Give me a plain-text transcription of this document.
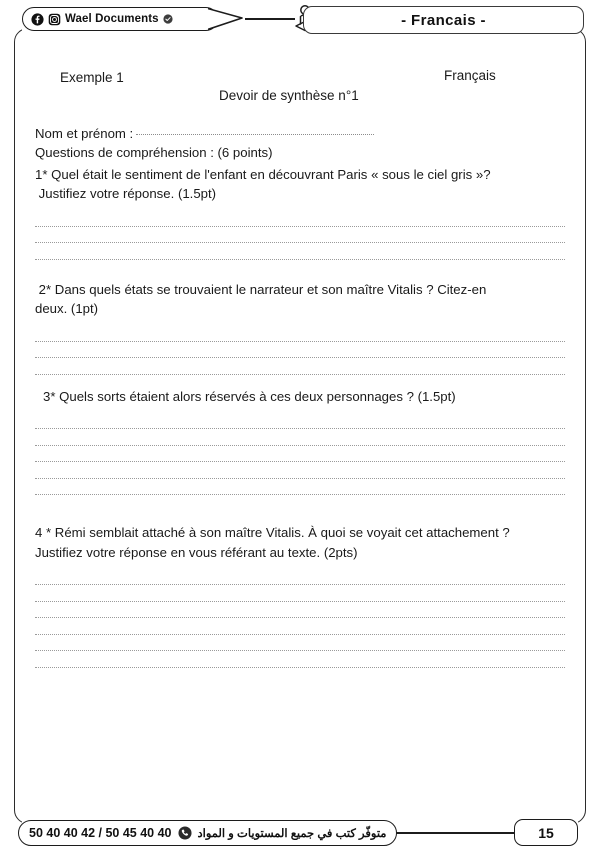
Wael Documents	- Francais -
Exemple 1
Devoir de synthèse n°1
Français
Nom et prénom :
Questions de compréhension : (6 points)
1* Quel était le sentiment de l'enfant en découvrant Paris « sous le ciel gris »?
Justifiez votre réponse. (1.5pt)
2* Dans quels états se trouvaient le narrateur et son maître Vitalis ? Citez-en
deux. (1pt)
3* Quels sorts étaient alors réservés à ces deux personnages ? (1.5pt)
4 * Rémi semblait attaché à son maître Vitalis. À quoi se voyait cet attachement ?
Justifiez votre réponse en vous référant au texte. (2pts)
متوفّر كتب في جميع المستويات و المواد
50 40 40 42 / 50 45 40 40	15
